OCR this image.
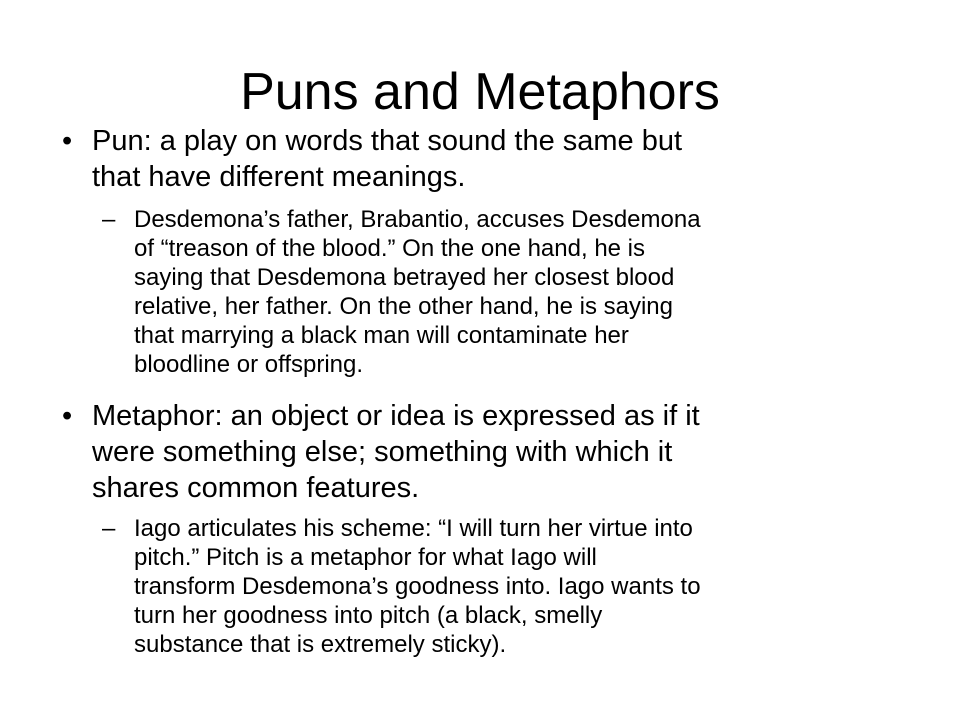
Puns and Metaphors
• Pun: a play on words that sound the same but
that have different meanings.
– Desdemona’s father, Brabantio, accuses Desdemona
of “treason of the blood.” On the one hand, he is
saying that Desdemona betrayed her closest blood
relative, her father. On the other hand, he is saying
that marrying a black man will contaminate her
bloodline or offspring.
• Metaphor: an object or idea is expressed as if it
were something else; something with which it
shares common features.
– Iago articulates his scheme: “I will turn her virtue into
pitch.” Pitch is a metaphor for what Iago will
transform Desdemona’s goodness into. Iago wants to
turn her goodness into pitch (a black, smelly
substance that is extremely sticky).
